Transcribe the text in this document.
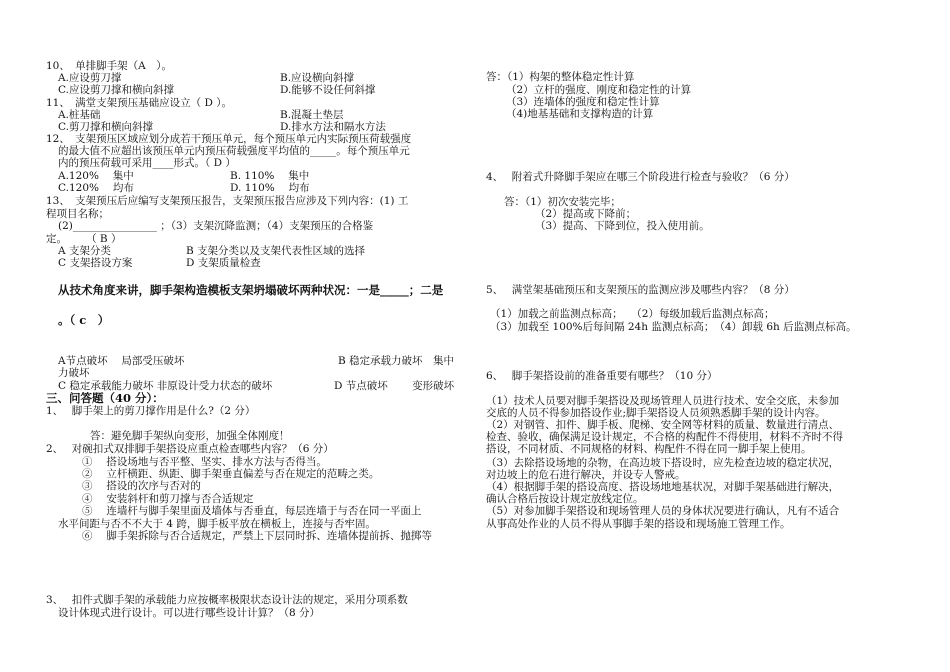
10、　单排脚手架（A　）。
A.应设剪刀撑	B.应设横向斜撑
C.应设剪刀撑和横向斜撑	D.能够不设任何斜撑
11、　满堂支架预压基础应设立（ D ）。
A.桩基础	B.混凝土垫层
C.剪刀撑和横向斜撑	D.排水方法和隔水方法
12、　支架预压区域应划分成若干预压单元，每个预压单元内实际预压荷载强度
的最大值不应超出该预压单元内预压荷载强度平均值的_____。每个预压单元
内的预压荷载可采用____形式。（ D ）
A.120%　 集中	B. 110%　 集中
C.120%　 均布	D. 110%　 均布
13、　支架预压后应编写支架预压报告，支架预压报告应涉及下列内容：(1) 工
程项目名称；
(2)________________ ；（3）支架沉降监测；（4）支架预压的合格鉴
定。　　 （ B ）
A 支架分类	B 支架分类以及支架代表性区域的选择
C 支架搭设方案	D 支架质量检查
从技术角度来讲，脚手架构造模板支架坍塌破坏两种状况：一是_____；二是
。（ c　）
A节点破坏　 局部受压破坏	B 稳定承载力破坏　集中
力破坏
C 稳定承载能力破坏 非原设计受力状态的破坏	D 节点破坏　　 变形破坏
三、问答题（40 分）：
1、　 脚手架上的剪刀撑作用是什么?（2 分）
答：避免脚手架纵向变形，加强全体刚度！
2、　 对碗扣式双排脚手架搭设应重点检查哪些内容？（6 分）
①　 搭设场地与否平整、坚实、排水方法与否得当。
②　 立杆横距、纵距、脚手架垂直偏差与否在规定的范畴之类。
③　 搭设的次序与否对的
④　 安装斜杆和剪刀撑与否合适规定
⑤　 连墙杆与脚手架里面及墙体与否垂直，每层连墙于与否在同一平面上
水平间距与否不不大于 4 跨，脚手板平放在横板上，连接与否牢固。
⑥　 脚手架拆除与否合适规定，严禁上下层同时拆、连墙体提前拆、抛掷等
3、　 扣件式脚手架的承载能力应按概率极限状态设计法的规定，采用分项系数
设计体现式进行设计。可以进行哪些设计计算？（8 分）
答：（1）构架的整体稳定性计算
（2）立杆的强度、刚度和稳定性的计算
（3）连墙体的强度和稳定性计算
（4)地基基础和支撑构造的计算
4、　 附着式升降脚手架应在哪三个阶段进行检查与验收？（6 分）
答：（1）初次安装完毕；
（2）提高或下降前；
（3）提高、下降到位，投入使用前。
5、　 满堂架基础预压和支架预压的监测应涉及哪些内容？（8 分）
（1）加载之前监测点标高；　 （2）每级加载后监测点标高；
（3）加载至 100%后每间隔 24h 监测点标高；　（4）卸载 6h 后监测点标高。
6、　 脚手架搭设前的准备重要有哪些？（10 分）
（1）技术人员要对脚手架搭设及现场管理人员进行技术、安全交底，未参加
交底的人员不得参加搭设作业;脚手架搭设人员须熟悉脚手架的设计内容。
（2）对钢管、扣件、脚手板、爬梯、安全网等材料的质量、数量进行清点、
检查、验收，确保满足设计规定，不合格的构配件不得使用，材料不齐时不得
搭设，不同材质、不同规格的材料、构配件不得在同一脚手架上使用。
（3）去除搭设场地的杂物，在高边坡下搭设时，应先检查边坡的稳定状况，
对边坡上的危石进行解决，并设专人警戒。
（4）根据脚手架的搭设高度、搭设场地地基状况，对脚手架基础进行解决，
确认合格后按设计规定放线定位。
（5）对参加脚手架搭设和现场管理人员的身体状况要进行确认，凡有不适合
从事高处作业的人员不得从事脚手架的搭设和现场施工管理工作。
